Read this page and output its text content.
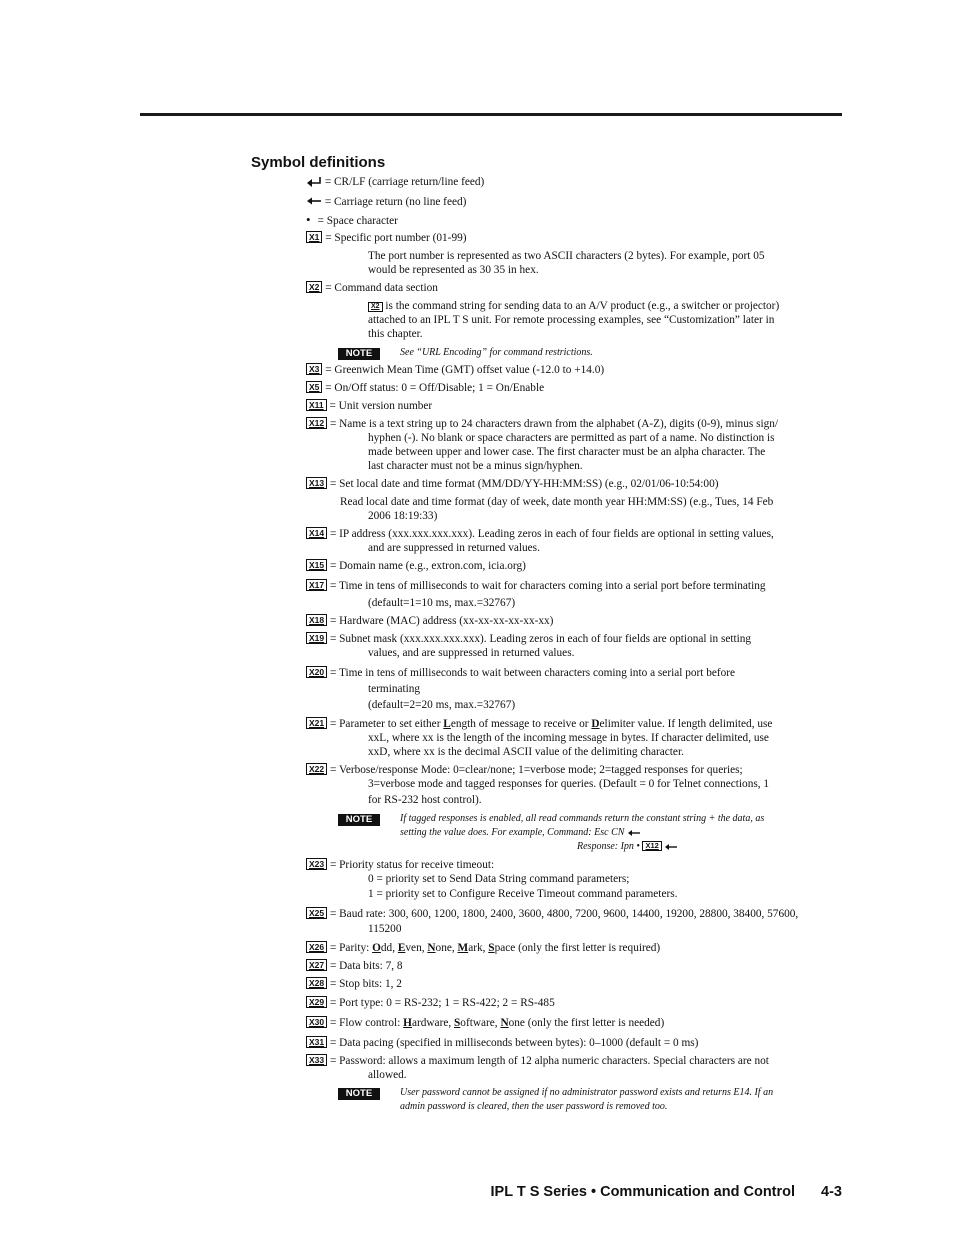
Symbol definitions
= CR/LF (carriage return/line feed)
= Carriage return (no line feed)
• = Space character
X1 = Specific port number (01-99)
The port number is represented as two ASCII characters (2 bytes). For example, port 05
would be represented as 30 35 in hex.
X2 = Command data section
X2 is the command string for sending data to an A/V product (e.g., a switcher or projector)
attached to an IPL T S unit. For remote processing examples, see “Customization” later in
this chapter.
NOTE	See “URL Encoding” for command restrictions.
X3 = Greenwich Mean Time (GMT) offset value (-12.0 to +14.0)
X5 = On/Off status: 0 = Off/Disable; 1 = On/Enable
X11 = Unit version number
X12 = Name is a text string up to 24 characters drawn from the alphabet (A-Z), digits (0-9), minus sign/
hyphen (-). No blank or space characters are permitted as part of a name. No distinction is
made between upper and lower case. The first character must be an alpha character. The
last character must not be a minus sign/hyphen.
X13 = Set local date and time format (MM/DD/YY-HH:MM:SS) (e.g., 02/01/06-10:54:00)
Read local date and time format (day of week, date month year HH:MM:SS) (e.g., Tues, 14 Feb
2006 18:19:33)
X14 = IP address (xxx.xxx.xxx.xxx). Leading zeros in each of four fields are optional in setting values,
and are suppressed in returned values.
X15 = Domain name (e.g., extron.com, icia.org)
X17 = Time in tens of milliseconds to wait for characters coming into a serial port before terminating
(default=1=10 ms, max.=32767)
X18 = Hardware (MAC) address (xx-xx-xx-xx-xx-xx)
X19 = Subnet mask (xxx.xxx.xxx.xxx). Leading zeros in each of four fields are optional in setting
values, and are suppressed in returned values.
X20 = Time in tens of milliseconds to wait between characters coming into a serial port before
terminating
(default=2=20 ms, max.=32767)
X21 = Parameter to set either Length of message to receive or Delimiter value. If length delimited, use
xxL, where xx is the length of the incoming message in bytes. If character delimited, use
xxD, where xx is the decimal ASCII value of the delimiting character.
X22 = Verbose/response Mode: 0=clear/none; 1=verbose mode; 2=tagged responses for queries;
3=verbose mode and tagged responses for queries. (Default = 0 for Telnet connections, 1
for RS-232 host control).
NOTE	If tagged responses is enabled, all read commands return the constant string + the data, as
setting the value does. For example, Command: Esc CN
Response: Ipn • X12
X23 = Priority status for receive timeout:
0 = priority set to Send Data String command parameters;
1 = priority set to Configure Receive Timeout command parameters.
X25 = Baud rate: 300, 600, 1200, 1800, 2400, 3600, 4800, 7200, 9600, 14400, 19200, 28800, 38400, 57600,
115200
X26 = Parity: Odd, Even, None, Mark, Space (only the first letter is required)
X27 = Data bits: 7, 8
X28 = Stop bits: 1, 2
X29 = Port type: 0 = RS-232; 1 = RS-422; 2 = RS-485
X30 = Flow control: Hardware, Software, None (only the first letter is needed)
X31 = Data pacing (specified in milliseconds between bytes): 0–1000 (default = 0 ms)
X33 = Password: allows a maximum length of 12 alpha numeric characters. Special characters are not
allowed.
NOTE	User password cannot be assigned if no administrator password exists and returns E14. If an
admin password is cleared, then the user password is removed too.
IPL T S Series • Communication and Control 4-3
